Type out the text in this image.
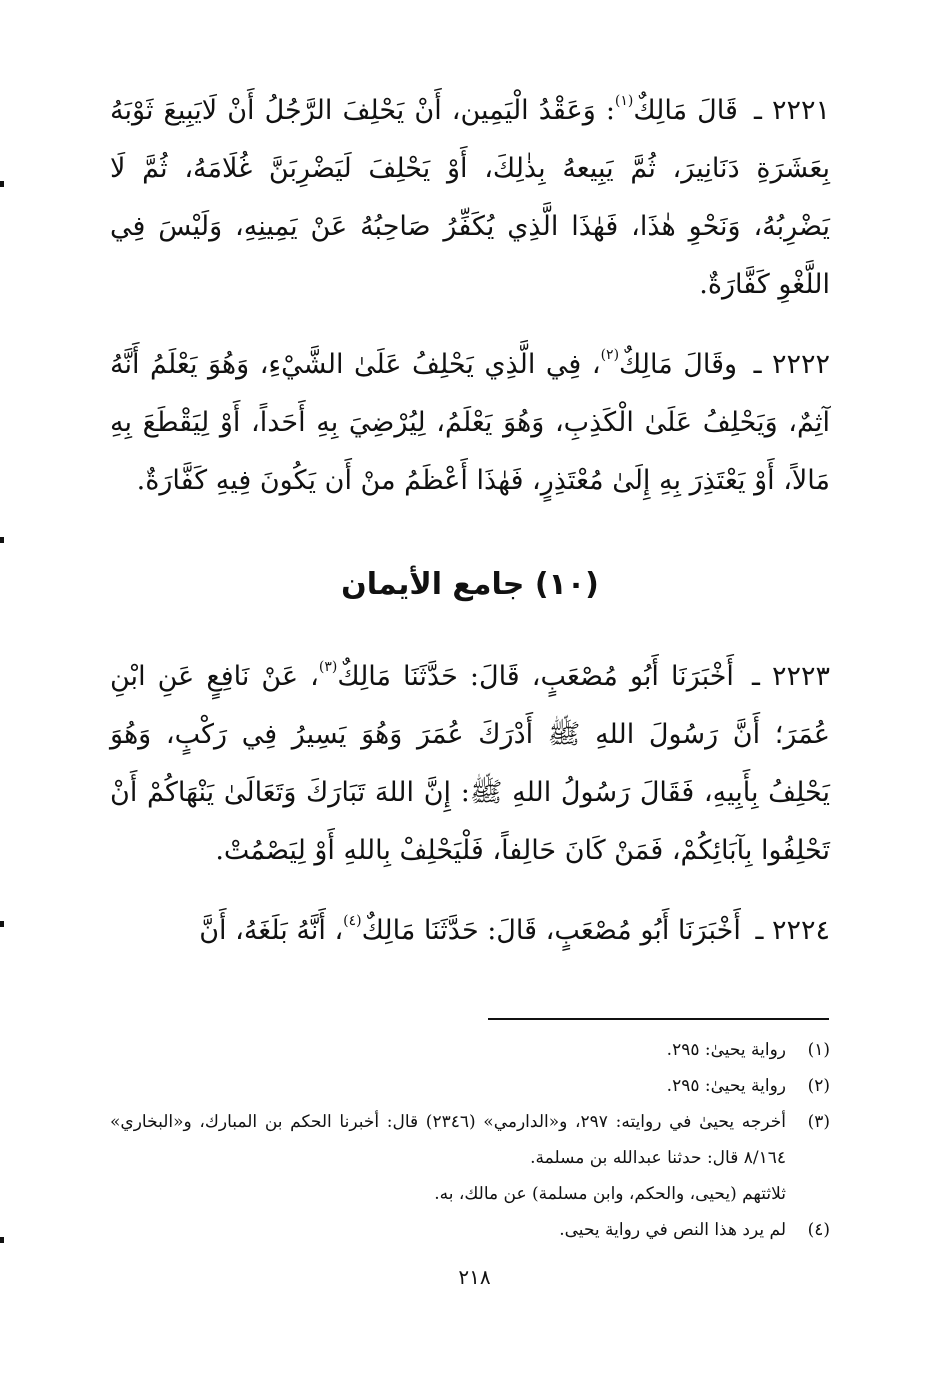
٢٢٢١ ـ قَالَ مَالِكٌ$^{(١)}$: وَعَقْدُ الْيَمِين، أَنْ يَحْلِفَ الرَّجُلُ أَنْ لَايَبِيعَ ثَوْبَهُ بِعَشَرَةِ دَنَانِيرَ، ثُمَّ يَبِيعهُ بِذٰلِكَ، أَوْ يَحْلِفَ لَيَضْرِبَنَّ غُلَامَهُ، ثُمَّ لَا يَضْرِبُهُ، وَنَحْوِ هٰذَا، فَهٰذَا الَّذِي يُكَفِّرُ صَاحِبُهُ عَنْ يَمِينِهِ، وَلَيْسَ فِي اللَّغْوِ كَفَّارَةٌ.

٢٢٢٢ ـ وقَالَ مَالِكٌ$^{(٢)}$، فِي الَّذِي يَحْلِفُ عَلَىٰ الشَّيْءِ، وَهُوَ يَعْلَمُ أَنَّهُ آثِمٌ، وَيَحْلِفُ عَلَىٰ الْكَذِبِ، وَهُوَ يَعْلَمُ، لِيُرْضِيَ بِهِ أَحَداً، أَوْ لِيَقْطَعَ بِهِ مَالاً، أَوْ يَعْتَذِرَ بِهِ إِلَىٰ مُعْتَذِرٍ، فَهٰذَا أَعْظَمُ منْ أَن يَكُونَ فِيهِ كَفَّارَةٌ.

(١٠) جامع الأيمان

٢٢٢٣ ـ أَخْبَرَنَا أَبُو مُصْعَبٍ، قَالَ: حَدَّثَنَا مَالِكٌ$^{(٣)}$، عَنْ نَافِعٍ عَنِ ابْنِ عُمَرَ؛ أَنَّ رَسُولَ اللهِ ﷺ أَدْرَكَ عُمَرَ وَهُوَ يَسِيرُ فِي رَكْبٍ، وَهُوَ يَحْلِفُ بِأَبِيهِ، فَقَالَ رَسُولُ اللهِ ﷺ: إِنَّ اللهَ تَبَارَكَ وَتَعَالَىٰ يَنْهَاكُمْ أَنْ تَحْلِفُوا بِآبَائِكُمْ، فَمَنْ كَانَ حَالِفاً، فَلْيَحْلِفْ بِاللهِ أَوْ لِيَصْمُتْ.

٢٢٢٤ ـ أَخْبَرَنَا أَبُو مُصْعَبٍ، قَالَ: حَدَّثَنَا مَالِكٌ$^{(٤)}$، أَنَّهُ بَلَغَهُ، أَنَّ

(١)
رواية يحيىٰ: ٢٩٥.
(٢)
رواية يحيىٰ: ٢٩٥.
(٣)
أخرجه يحيىٰ في روايته: ٢٩٧، و«الدارمي» (٢٣٤٦) قال: أخبرنا الحكم بن المبارك، و«البخاري» ٨/١٦٤ قال: حدثنا عبدالله بن مسلمة.
ثلاثتهم (يحيى، والحكم، وابن مسلمة) عن مالك، به.
(٤)
لم يرد هذا النص في رواية يحيى.
٢١٨
